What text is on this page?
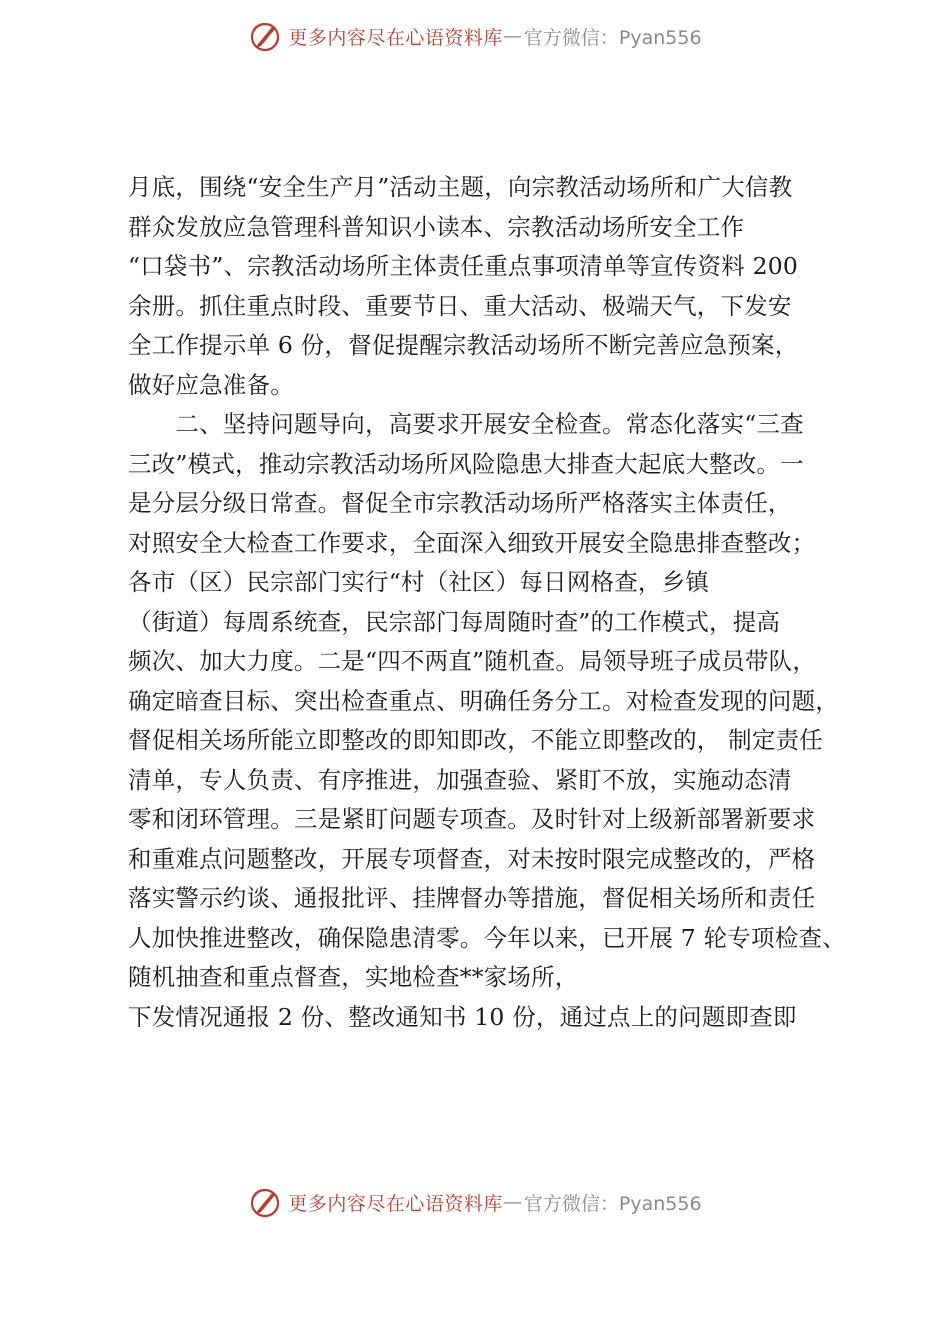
更多内容尽在心语资料库 — 官方微信：Pyan556
月底，围绕“安全生产月”活动主题，向宗教活动场所和广大信教
群众发放应急管理科普知识小读本、宗教活动场所安全工作
“口袋书”、宗教活动场所主体责任重点事项清单等宣传资料 200
余册。抓住重点时段、重要节日、重大活动、极端天气，下发安
全工作提示单 6 份，督促提醒宗教活动场所不断完善应急预案，
做好应急准备。
　　二、坚持问题导向，高要求开展安全检查。常态化落实“三查
三改”模式，推动宗教活动场所风险隐患大排查大起底大整改。一
是分层分级日常查。督促全市宗教活动场所严格落实主体责任，
对照安全大检查工作要求，全面深入细致开展安全隐患排查整改；
各市（区）民宗部门实行“村（社区）每日网格查，乡镇
（街道）每周系统查，民宗部门每周随时查”的工作模式，提高
频次、加大力度。二是“四不两直”随机查。局领导班子成员带队，
确定暗查目标、突出检查重点、明确任务分工。对检查发现的问题，
督促相关场所能立即整改的即知即改，不能立即整改的， 制定责任
清单，专人负责、有序推进，加强查验、紧盯不放，实施动态清
零和闭环管理。三是紧盯问题专项查。及时针对上级新部署新要求
和重难点问题整改，开展专项督查，对未按时限完成整改的，严格
落实警示约谈、通报批评、挂牌督办等措施，督促相关场所和责任
人加快推进整改，确保隐患清零。今年以来，已开展 7 轮专项检查、
随机抽查和重点督查，实地检查**家场所，
下发情况通报 2 份、整改通知书 10 份，通过点上的问题即查即
更多内容尽在心语资料库 — 官方微信：Pyan556
